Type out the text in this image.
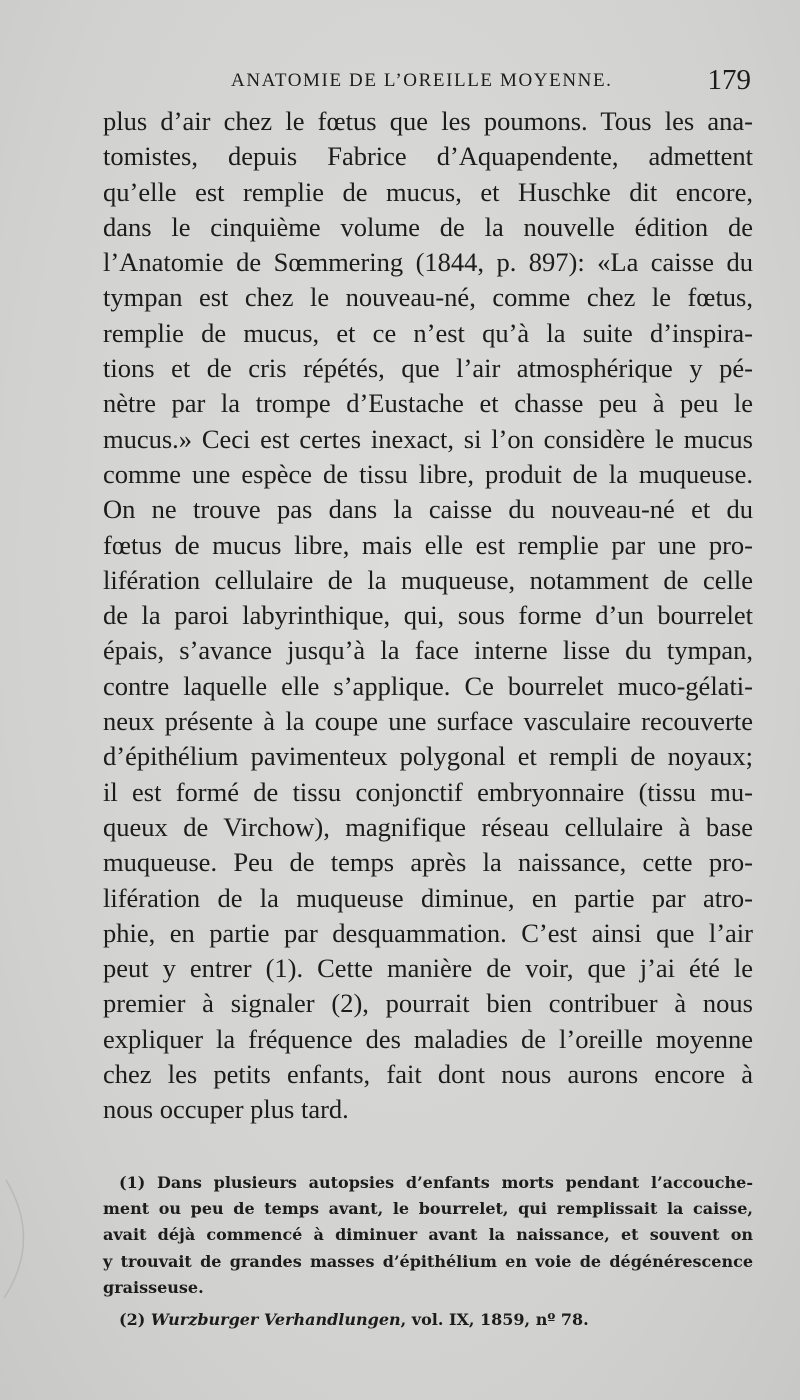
ANATOMIE DE L’OREILLE MOYENNE.	179
plus d’air chez le fœtus que les poumons. Tous les ana-
tomistes, depuis Fabrice d’Aquapendente, admettent
qu’elle est remplie de mucus, et Huschke dit encore,
dans le cinquième volume de la nouvelle édition de
l’Anatomie de Sœmmering (1844, p. 897): «La caisse du
tympan est chez le nouveau-né, comme chez le fœtus,
remplie de mucus, et ce n’est qu’à la suite d’inspira-
tions et de cris répétés, que l’air atmosphérique y pé-
nètre par la trompe d’Eustache et chasse peu à peu le
mucus.» Ceci est certes inexact, si l’on considère le mucus
comme une espèce de tissu libre, produit de la muqueuse.
On ne trouve pas dans la caisse du nouveau-né et du
fœtus de mucus libre, mais elle est remplie par une pro-
lifération cellulaire de la muqueuse, notamment de celle
de la paroi labyrinthique, qui, sous forme d’un bourrelet
épais, s’avance jusqu’à la face interne lisse du tympan,
contre laquelle elle s’applique. Ce bourrelet muco-gélati-
neux présente à la coupe une surface vasculaire recouverte
d’épithélium pavimenteux polygonal et rempli de noyaux;
il est formé de tissu conjonctif embryonnaire (tissu mu-
queux de Virchow), magnifique réseau cellulaire à base
muqueuse. Peu de temps après la naissance, cette pro-
lifération de la muqueuse diminue, en partie par atro-
phie, en partie par desquammation. C’est ainsi que l’air
peut y entrer (1). Cette manière de voir, que j’ai été le
premier à signaler (2), pourrait bien contribuer à nous
expliquer la fréquence des maladies de l’oreille moyenne
chez les petits enfants, fait dont nous aurons encore à
nous occuper plus tard.
(1) Dans plusieurs autopsies d’enfants morts pendant l’accouche-
ment ou peu de temps avant, le bourrelet, qui remplissait la caisse,
avait déjà commencé à diminuer avant la naissance, et souvent on
y trouvait de grandes masses d’épithélium en voie de dégénérescence
graisseuse.
(2) Wurzburger Verhandlungen, vol. IX, 1859, nº 78.
